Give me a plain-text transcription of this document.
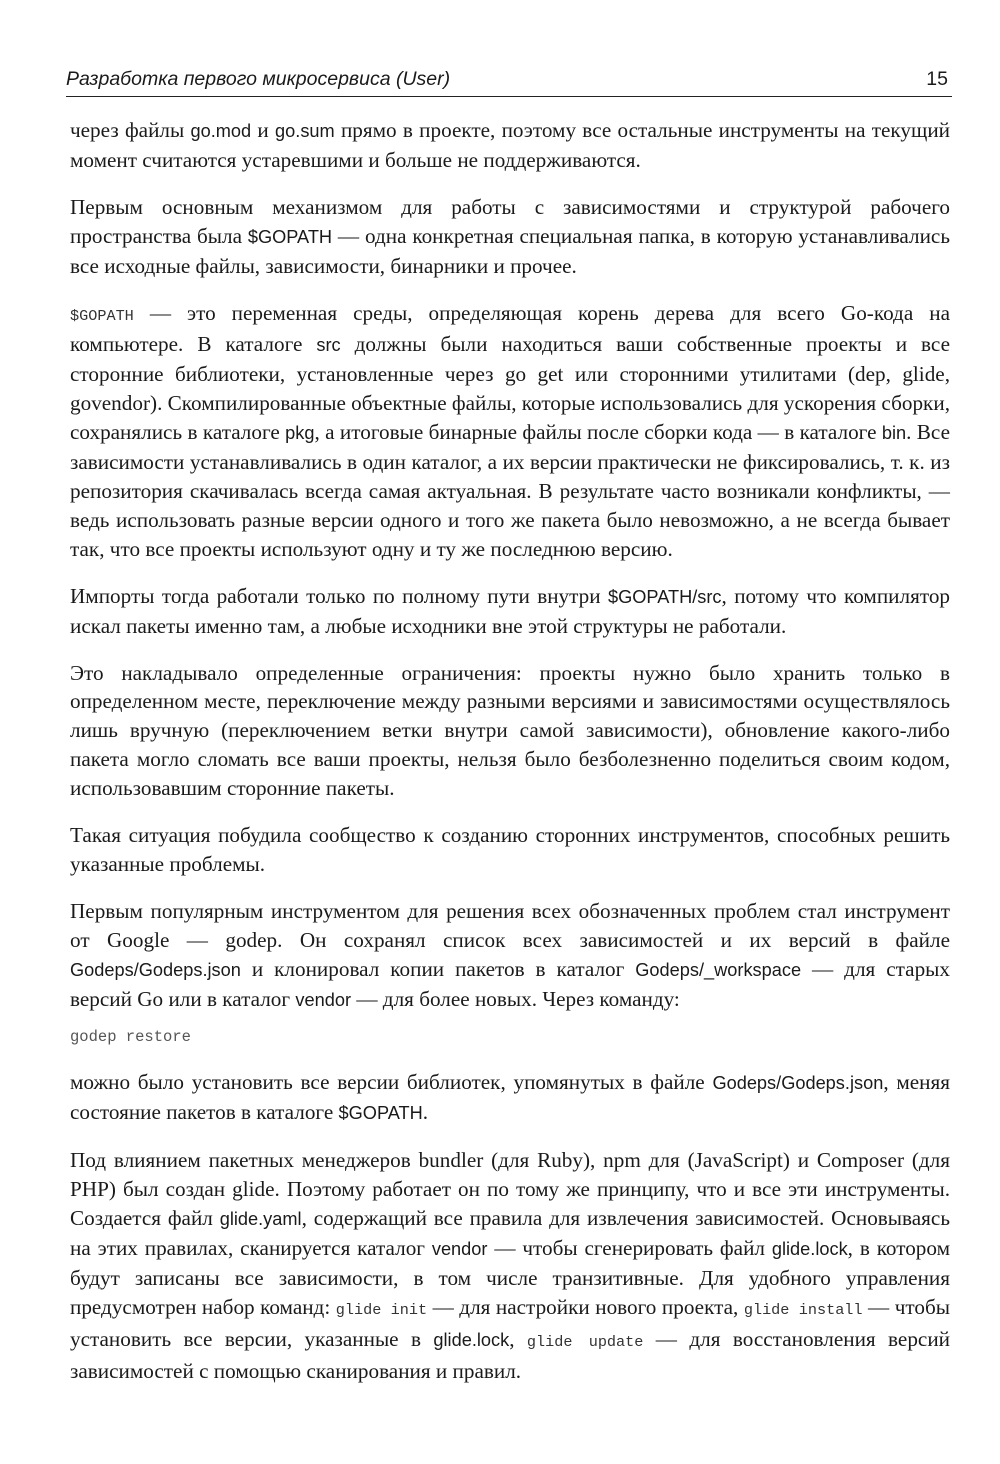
Разработка первого микросервиса (User)	15

через файлы go.mod и go.sum прямо в проекте, поэтому все остальные инструменты на текущий момент считаются устаревшими и больше не поддерживаются.

Первым основным механизмом для работы с зависимостями и структурой рабочего пространства была $GOPATH — одна конкретная специальная папка, в которую устанавливались все исходные файлы, зависимости, бинарники и прочее.

$GOPATH — это переменная среды, определяющая корень дерева для всего Go-кода на компьютере. В каталоге src должны были находиться ваши собственные проекты и все сторонние библиотеки, установленные через go get или сторонними утилитами (dep, glide, govendor). Скомпилированные объектные файлы, которые использовались для ускорения сборки, сохранялись в каталоге pkg, а итоговые бинарные файлы после сборки кода — в каталоге bin. Все зависимости устанавливались в один каталог, а их версии практически не фиксировались, т. к. из репозитория скачивалась всегда самая актуальная. В результате часто возникали конфликты, — ведь использовать разные версии одного и того же пакета было невозможно, а не всегда бывает так, что все проекты используют одну и ту же последнюю версию.

Импорты тогда работали только по полному пути внутри $GOPATH/src, потому что компилятор искал пакеты именно там, а любые исходники вне этой структуры не работали.

Это накладывало определенные ограничения: проекты нужно было хранить только в определенном месте, переключение между разными версиями и зависимостями осуществлялось лишь вручную (переключением ветки внутри самой зависимости), обновление какого-либо пакета могло сломать все ваши проекты, нельзя было безболезненно поделиться своим кодом, использовавшим сторонние пакеты.

Такая ситуация побудила сообщество к созданию сторонних инструментов, способных решить указанные проблемы.

Первым популярным инструментом для решения всех обозначенных проблем стал инструмент от Google — godep. Он сохранял список всех зависимостей и их версий в файле Godeps/Godeps.json и клонировал копии пакетов в каталог Godeps/​_workspace — для старых версий Go или в каталог vendor — для более новых. Через команду:

godep restore

можно было установить все версии библиотек, упомянутых в файле Godeps/​Godeps.json, меняя состояние пакетов в каталоге $GOPATH.

Под влиянием пакетных менеджеров bundler (для Ruby), npm для (JavaScript) и Composer (для PHP) был создан glide. Поэтому работает он по тому же принципу, что и все эти инструменты. Создается файл glide.yaml, содержащий все правила для извлечения зависимостей. Основываясь на этих правилах, сканируется каталог vendor — чтобы сгенерировать файл glide.lock, в котором будут записаны все зависимости, в том числе транзитивные. Для удобного управления предусмотрен набор команд: glide init — для настройки нового проекта, glide install — чтобы установить все версии, указанные в glide.lock, glide update — для восстановления версий зависимостей с помощью сканирования и правил.
